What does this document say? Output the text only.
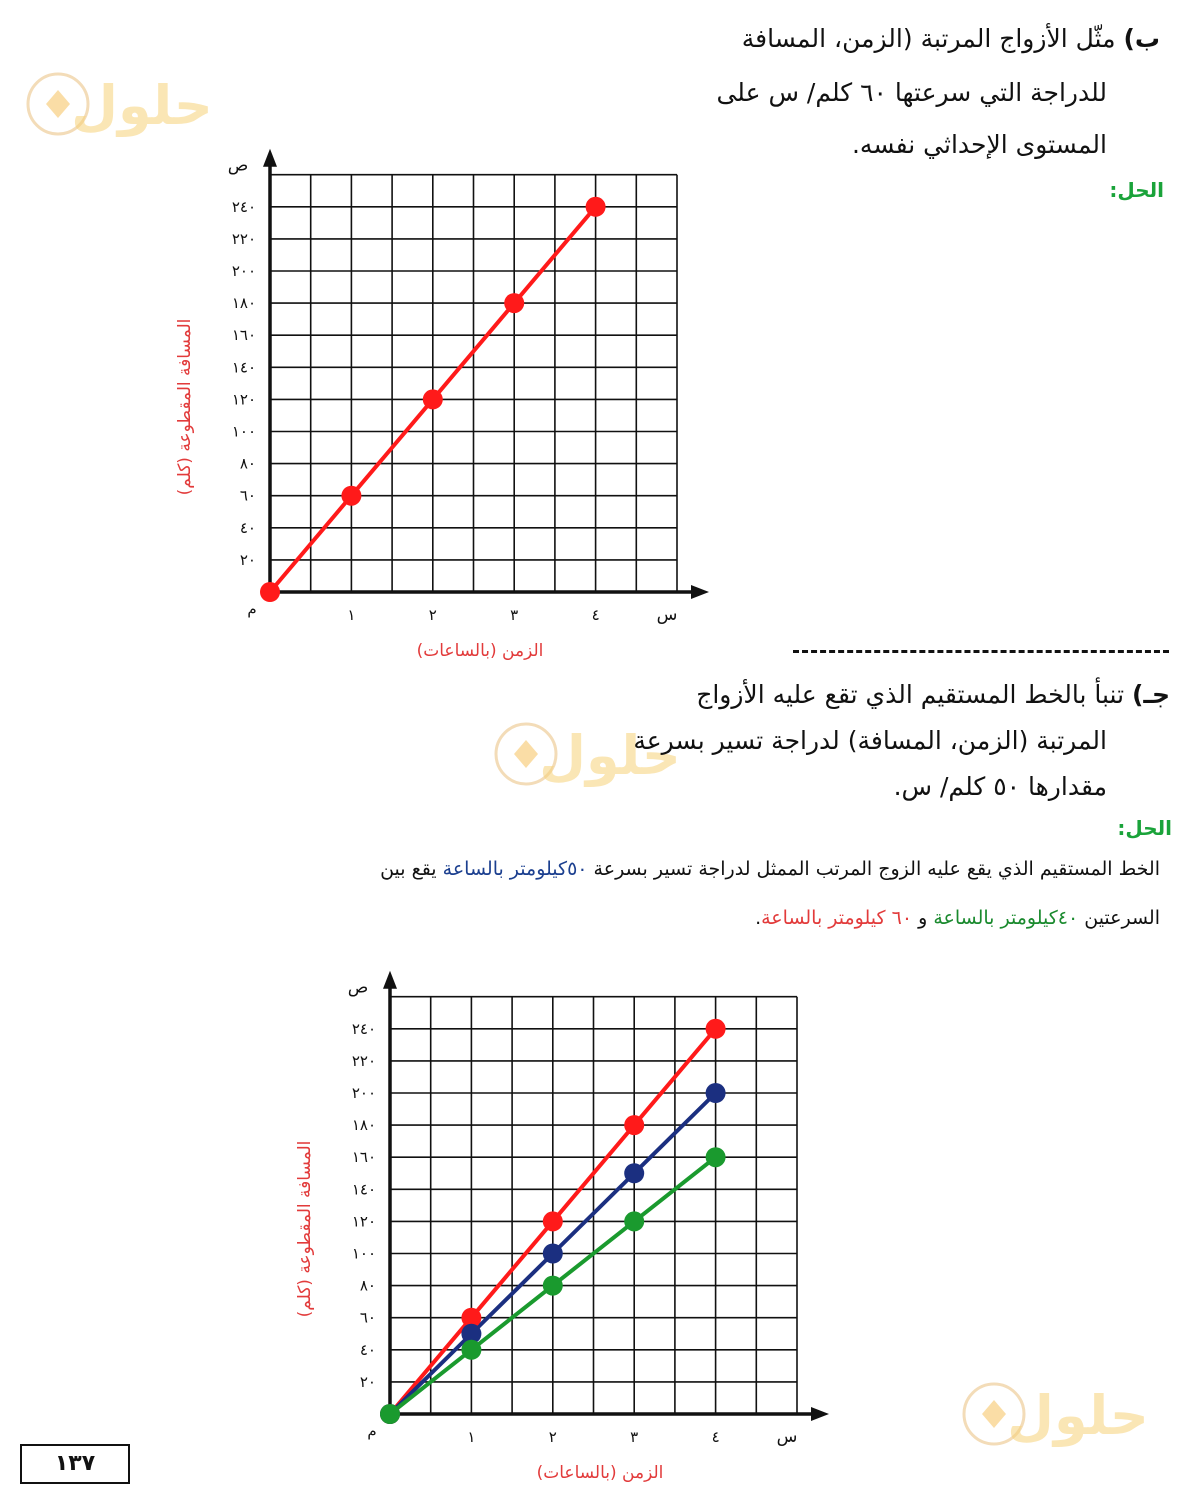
حلول
حلول
حلول
ب) مثّل الأزواج المرتبة (الزمن، المسافة
للدراجة التي سرعتها ٦٠ كلم/ س على
المستوى الإحداثي نفسه.
الحل:
٢٠
٤٠
٦٠
٨٠
١٠٠
١٢٠
١٤٠
١٦٠
١٨٠
٢٠٠
٢٢٠
٢٤٠
١	٢	٣	٤
م	س
ص
الزمن (بالساعات)
المسافة المقطوعة (كلم)
جـ) تنبأ بالخط المستقيم الذي تقع عليه الأزواج
المرتبة (الزمن، المسافة) لدراجة تسير بسرعة
مقدارها ٥٠ كلم/ س.
الحل:
الخط المستقيم الذي يقع عليه الزوج المرتب الممثل لدراجة تسير بسرعة ٥٠كيلومتر بالساعة يقع بين
السرعتين ٤٠كيلومتر بالساعة و ٦٠ كيلومتر بالساعة.
٢٠
٤٠
٦٠
٨٠
١٠٠
١٢٠
١٤٠
١٦٠
١٨٠
٢٠٠
٢٢٠
٢٤٠
١	٢	٣	٤
م	س
ص
الزمن (بالساعات)
المسافة المقطوعة (كلم)
١٣٧
